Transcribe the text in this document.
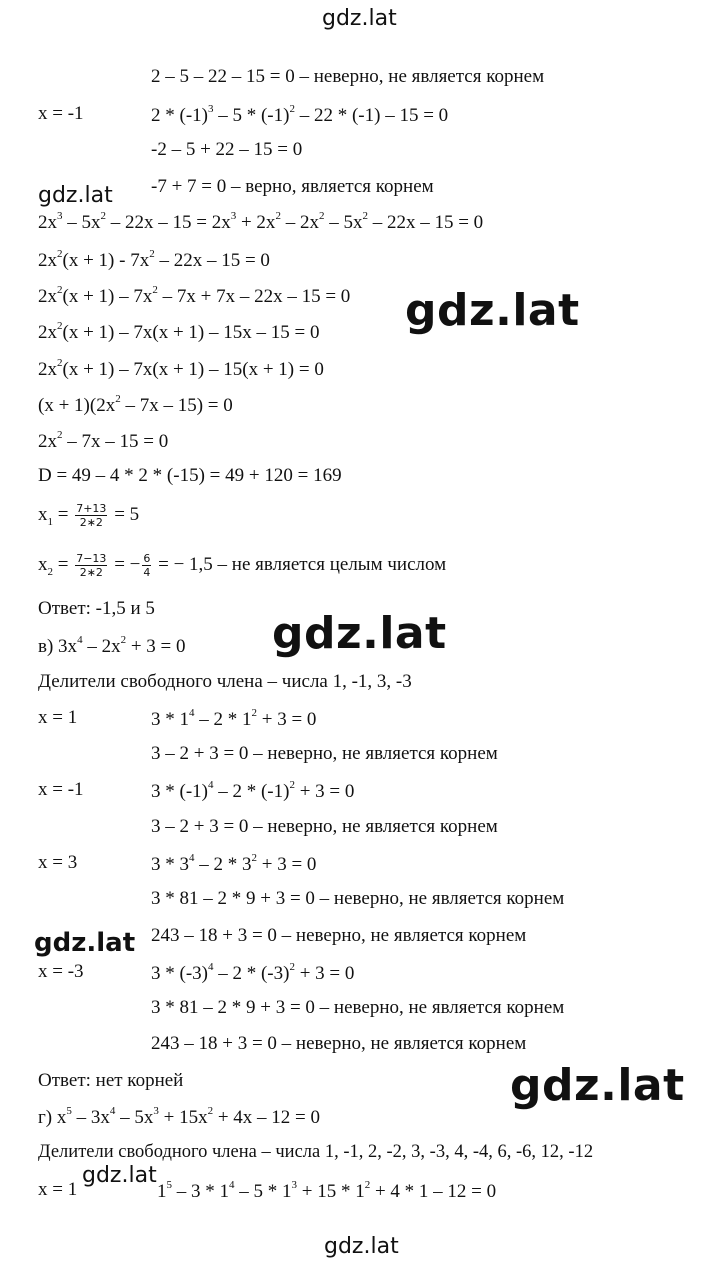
gdz.lat
gdz.lat
gdz.lat
gdz.lat
gdz.lat
gdz.lat
gdz.lat
gdz.lat
2 – 5 – 22 – 15 = 0 – неверно, не является корнем
x = -1	$2 * (-1)^3 - 5 * (-1)^2 - 22 * (-1) - 15 = 0$
-2 – 5 + 22 – 15 = 0
-7 + 7 = 0 – верно, является корнем
$2x^3 - 5x^2 - 22x - 15 = 2x^3 + 2x^2 - 2x^2 - 5x^2 - 22x - 15 = 0$
$2x^2(x + 1) - 7x^2 - 22x - 15 = 0$
$2x^2(x + 1) - 7x^2 - 7x + 7x - 22x - 15 = 0$
$2x^2(x + 1) - 7x(x + 1) - 15x - 15 = 0$
$2x^2(x + 1) - 7x(x + 1) - 15(x + 1) = 0$
$(x + 1)(2x^2 - 7x - 15) = 0$
$2x^2 - 7x - 15 = 0$
D = 49 – 4 * 2 * (-15) = 49 + 120 = 169
$x_1 = \frac{7+13}{2∗2} = 5$
$x_2 = \frac{7-13}{2∗2}$ = − $\frac{6}{4}$ = − 1,5 – не является целым числом
Ответ: -1,5 и 5
в) $3x^4 - 2x^2 + 3 = 0$
Делители свободного члена – числа 1, -1, 3, -3
x = 1	$3 * 1^4 - 2 * 1^2 + 3 = 0$
3 – 2 + 3 = 0 – неверно, не является корнем
x = -1	$3 * (-1)^4 - 2 * (-1)^2 + 3 = 0$
3 – 2 + 3 = 0 – неверно, не является корнем
x = 3	$3 * 3^4 - 2 * 3^2 + 3 = 0$
3 * 81 – 2 * 9 + 3 = 0 – неверно, не является корнем
243 – 18 + 3 = 0 – неверно, не является корнем
x = -3	$3 * (-3)^4 - 2 * (-3)^2 + 3 = 0$
3 * 81 – 2 * 9 + 3 = 0 – неверно, не является корнем
243 – 18 + 3 = 0 – неверно, не является корнем
Ответ: нет корней
г) $x^5 - 3x^4 - 5x^3 + 15x^2 + 4x - 12 = 0$
Делители свободного члена – числа 1, -1, 2, -2, 3, -3, 4, -4, 6, -6, 12, -12
x = 1	$1^5 - 3 * 1^4 - 5 * 1^3 + 15 * 1^2 + 4 * 1 - 12 = 0$
